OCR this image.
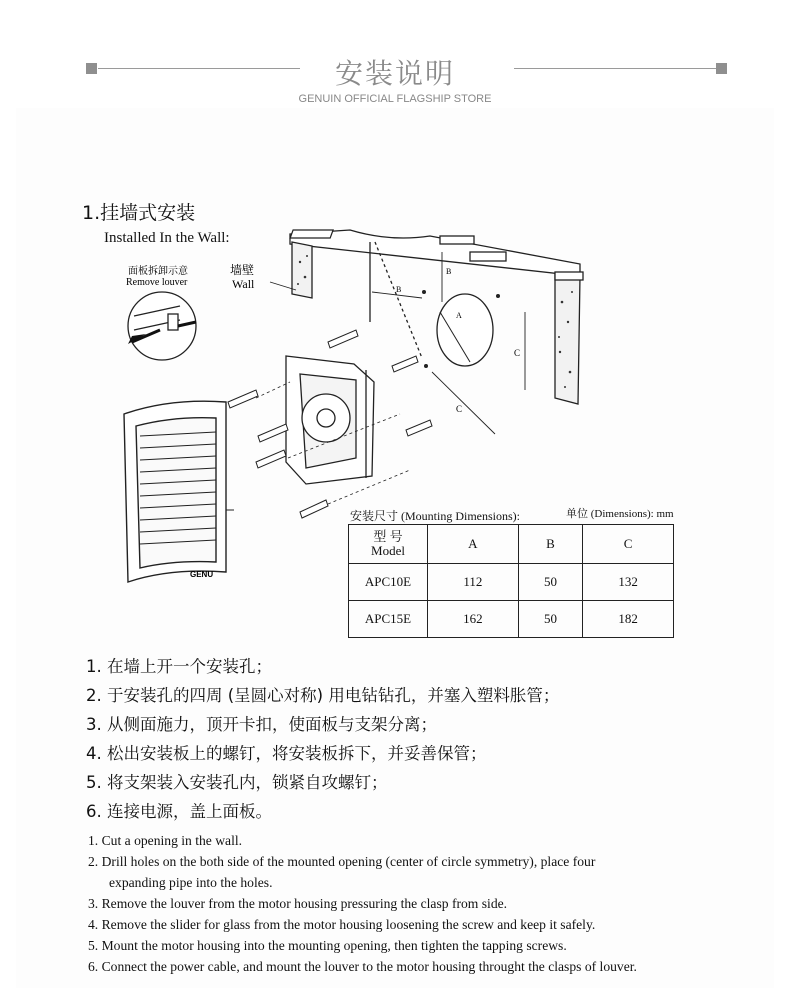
安装说明
GENUIN OFFICIAL FLAGSHIP STORE
1.挂墙式安装
Installed In the Wall:
B
B
A
C
C
GENU
面板拆卸示意
Remove louver
墙壁
Wall
安装尺寸 (Mounting Dimensions):	单位 (Dimensions): mm
型 号
Model	A	B	C
APC10E	112	50	132
APC15E	162	50	182
1. 在墙上开一个安装孔；
2. 于安装孔的四周 (呈圆心对称) 用电钻钻孔，并塞入塑料胀管；
3. 从侧面施力，顶开卡扣，使面板与支架分离；
4. 松出安装板上的螺钉，将安装板拆下，并妥善保管；
5. 将支架装入安装孔内，锁紧自攻螺钉；
6. 连接电源，盖上面板。
1. Cut a opening in the wall.
2. Drill holes on the both side of the mounted opening (center of circle symmetry), place four
expanding pipe into the holes.
3. Remove the louver from the motor housing pressuring the clasp from side.
4. Remove the slider for glass from the motor housing loosening the screw and keep it safely.
5. Mount the motor housing into the mounting opening, then tighten the tapping screws.
6. Connect the power cable, and mount the louver to the motor housing throught the clasps of louver.
